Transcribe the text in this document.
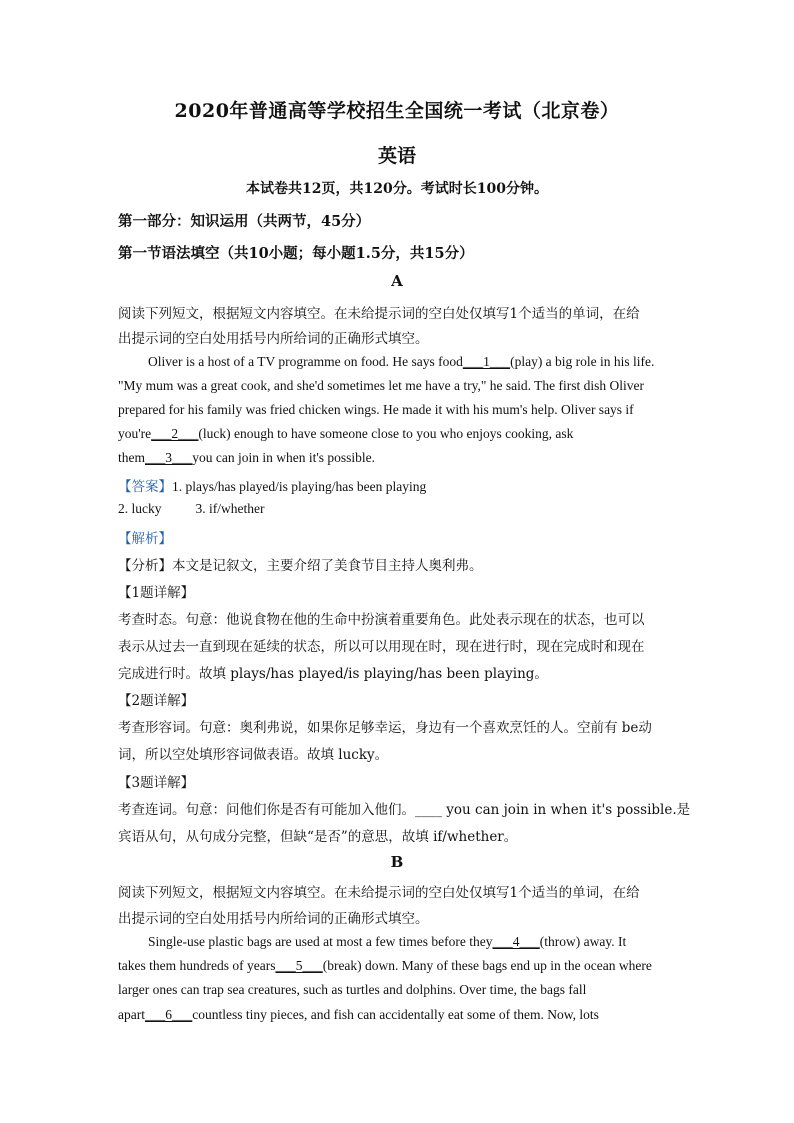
2020年普通高等学校招生全国统一考试（北京卷）
英语
本试卷共12页，共120分。考试时长100分钟。
第一部分：知识运用（共两节，45分）
第一节语法填空（共10小题；每小题1.5分，共15分）
A
阅读下列短文，根据短文内容填空。在未给提示词的空白处仅填写1个适当的单词，在给
出提示词的空白处用括号内所给词的正确形式填空。
Oliver is a host of a TV programme on food. He says food___1___(play) a big role in his life.
"My mum was a great cook, and she'd sometimes let me have a try," he said. The first dish Oliver
prepared for his family was fried chicken wings. He made it with his mum's help. Oliver says if
you're___2___(luck) enough to have someone close to you who enjoys cooking, ask
them___3___you can join in when it's possible.
【答案】1. plays/has played/is playing/has been playing
2. lucky	3. if/whether
【解析】
【分析】本文是记叙文，主要介绍了美食节目主持人奥利弗。
【1题详解】
考查时态。句意：他说食物在他的生命中扮演着重要角色。此处表示现在的状态，也可以
表示从过去一直到现在延续的状态，所以可以用现在时，现在进行时，现在完成时和现在
完成进行时。故填 plays/has played/is playing/has been playing。
【2题详解】
考查形容词。句意：奥利弗说，如果你足够幸运，身边有一个喜欢烹饪的人。空前有 be动
词，所以空处填形容词做表语。故填 lucky。
【3题详解】
考查连词。句意：问他们你是否有可能加入他们。____ you can join in when it's possible.是
宾语从句，从句成分完整，但缺“是否”的意思，故填 if/whether。
B
阅读下列短文，根据短文内容填空。在未给提示词的空白处仅填写1个适当的单词，在给
出提示词的空白处用括号内所给词的正确形式填空。
Single-use plastic bags are used at most a few times before they___4___(throw) away. It
takes them hundreds of years___5___(break) down. Many of these bags end up in the ocean where
larger ones can trap sea creatures, such as turtles and dolphins. Over time, the bags fall
apart___6___countless tiny pieces, and fish can accidentally eat some of them. Now, lots
